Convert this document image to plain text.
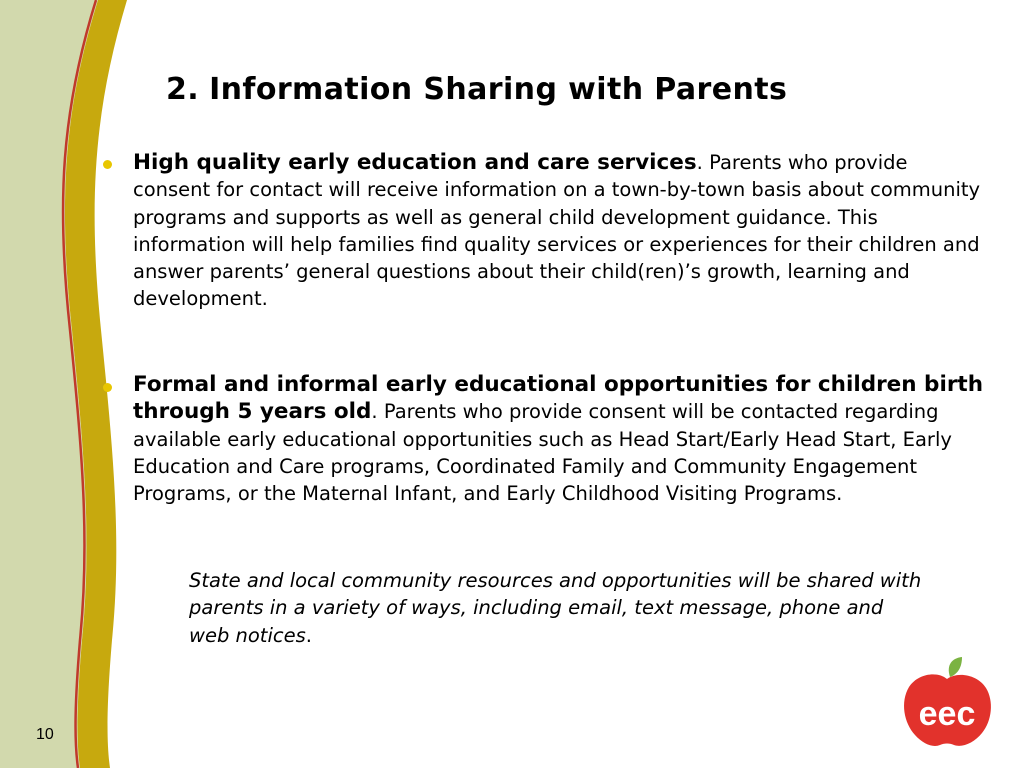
2. Information Sharing with Parents
High quality early education and care services. Parents who provide consent for contact will receive information on a town-by-town basis about community programs and supports as well as general child development guidance. This information will help families find quality services or experiences for their children and answer parents’ general questions about their child(ren)’s growth, learning and development.
Formal and informal early educational opportunities for children birth through 5 years old. Parents who provide consent will be contacted regarding available early educational opportunities such as Head Start/Early Head Start, Early Education and Care programs, Coordinated Family and Community Engagement Programs, or the Maternal Infant, and Early Childhood Visiting Programs.
State and local community resources and opportunities will be shared with parents in a variety of ways, including email, text message, phone and web notices.
10
eec
